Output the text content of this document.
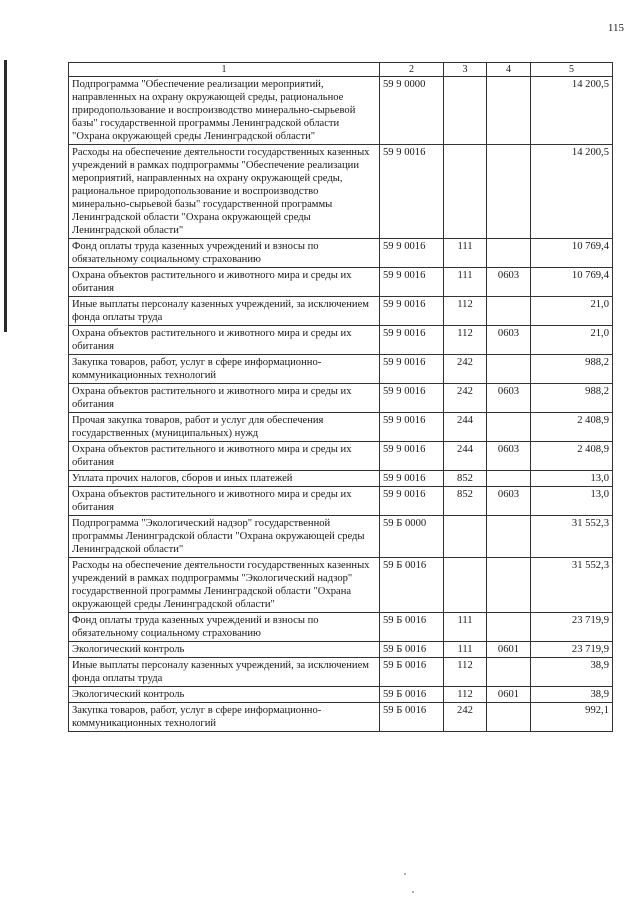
115
1	2	3	4	5
Подпрограмма "Обеспечение реализации мероприятий, направленных на охрану окружающей среды, рациональное природопользование и воспроизводство минерально-сырьевой базы" государственной программы Ленинградской области "Охрана окружающей среды Ленинградской области"	59 9 0000			14 200,5
Расходы на обеспечение деятельности государственных казенных учреждений в рамках подпрограммы "Обеспечение реализации мероприятий, направленных на охрану окружающей среды, рациональное природопользование и воспроизводство минерально-сырьевой базы" государственной программы Ленинградской области "Охрана окружающей среды Ленинградской области"	59 9 0016			14 200,5
Фонд оплаты труда казенных учреждений и взносы по обязательному социальному страхованию	59 9 0016	111		10 769,4
Охрана объектов растительного и животного мира и среды их обитания	59 9 0016	111	0603	10 769,4
Иные выплаты персоналу казенных учреждений, за исключением фонда оплаты труда	59 9 0016	112		21,0
Охрана объектов растительного и животного мира и среды их обитания	59 9 0016	112	0603	21,0
Закупка товаров, работ, услуг в сфере информационно-коммуникационных технологий	59 9 0016	242		988,2
Охрана объектов растительного и животного мира и среды их обитания	59 9 0016	242	0603	988,2
Прочая закупка товаров, работ и услуг для обеспечения государственных (муниципальных) нужд	59 9 0016	244		2 408,9
Охрана объектов растительного и животного мира и среды их обитания	59 9 0016	244	0603	2 408,9
Уплата прочих налогов, сборов и иных платежей	59 9 0016	852		13,0
Охрана объектов растительного и животного мира и среды их обитания	59 9 0016	852	0603	13,0
Подпрограмма "Экологический надзор" государственной программы Ленинградской области "Охрана окружающей среды Ленинградской области"	59 Б 0000			31 552,3
Расходы на обеспечение деятельности государственных казенных учреждений в рамках подпрограммы "Экологический надзор" государственной программы Ленинградской области "Охрана окружающей среды Ленинградской области"	59 Б 0016			31 552,3
Фонд оплаты труда казенных учреждений и взносы по обязательному социальному страхованию	59 Б 0016	111		23 719,9
Экологический контроль	59 Б 0016	111	0601	23 719,9
Иные выплаты персоналу казенных учреждений, за исключением фонда оплаты труда	59 Б 0016	112		38,9
Экологический контроль	59 Б 0016	112	0601	38,9
Закупка товаров, работ, услуг в сфере информационно-коммуникационных технологий	59 Б 0016	242		992,1
